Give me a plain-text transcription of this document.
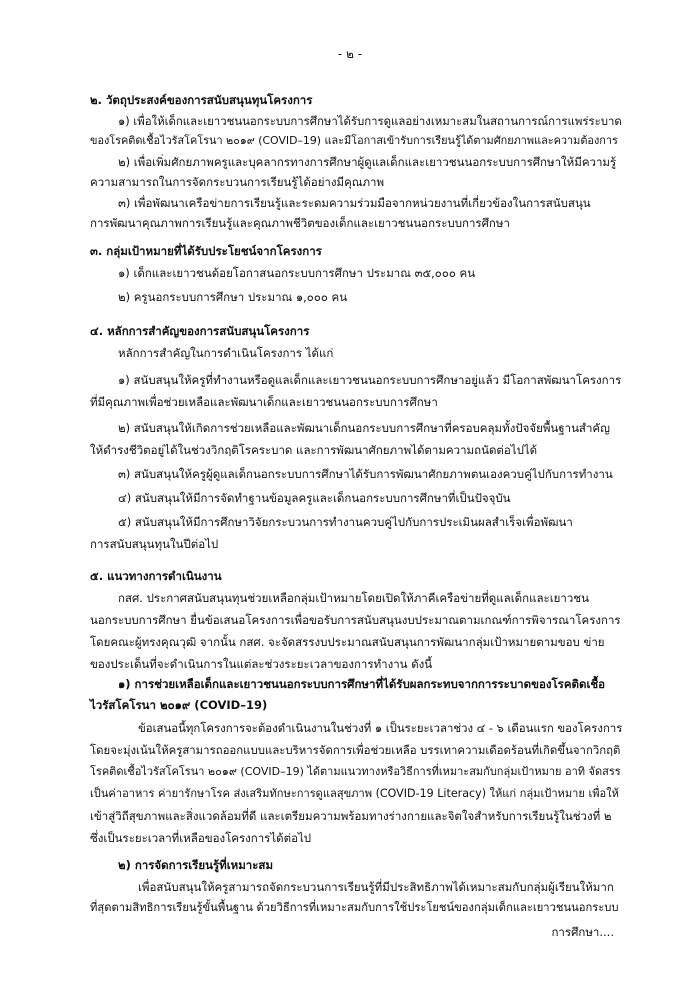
- ๒ -
๒. วัตถุประสงค์ของการสนับสนุนทุนโครงการ
๑) เพื่อให้เด็กและเยาวชนนอกระบบการศึกษาได้รับการดูแลอย่างเหมาะสมในสถานการณ์การแพร่ระบาด
ของโรคติดเชื้อไวรัสโคโรนา ๒๐๑๙ (COVID–19) และมีโอกาสเข้ารับการเรียนรู้ได้ตามศักยภาพและความต้องการ
๒) เพื่อเพิ่มศักยภาพครูและบุคลากรทางการศึกษาผู้ดูแลเด็กและเยาวชนนอกระบบการศึกษาให้มีความรู้
ความสามารถในการจัดกระบวนการเรียนรู้ได้อย่างมีคุณภาพ
๓) เพื่อพัฒนาเครือข่ายการเรียนรู้และระดมความร่วมมือจากหน่วยงานที่เกี่ยวข้องในการสนับสนุน
การพัฒนาคุณภาพการเรียนรู้และคุณภาพชีวิตของเด็กและเยาวชนนอกระบบการศึกษา
๓. กลุ่มเป้าหมายที่ได้รับประโยชน์จากโครงการ
๑) เด็กและเยาวชนด้อยโอกาสนอกระบบการศึกษา ประมาณ ๓๕,๐๐๐ คน
๒) ครูนอกระบบการศึกษา ประมาณ ๑,๐๐๐ คน
๔. หลักการสำคัญของการสนับสนุนโครงการ
หลักการสำคัญในการดำเนินโครงการ ได้แก่
๑) สนับสนุนให้ครูที่ทำงานหรือดูแลเด็กและเยาวชนนอกระบบการศึกษาอยู่แล้ว มีโอกาสพัฒนาโครงการ
ที่มีคุณภาพเพื่อช่วยเหลือและพัฒนาเด็กและเยาวชนนอกระบบการศึกษา
๒) สนับสนุนให้เกิดการช่วยเหลือและพัฒนาเด็กนอกระบบการศึกษาที่ครอบคลุมทั้งปัจจัยพื้นฐานสำคัญ
ให้ดำรงชีวิตอยู่ได้ในช่วงวิกฤติโรคระบาด และการพัฒนาศักยภาพได้ตามความถนัดต่อไปได้
๓) สนับสนุนให้ครูผู้ดูแลเด็กนอกระบบการศึกษาได้รับการพัฒนาศักยภาพตนเองควบคู่ไปกับการทำงาน
๔) สนับสนุนให้มีการจัดทำฐานข้อมูลครูและเด็กนอกระบบการศึกษาที่เป็นปัจจุบัน
๕) สนับสนุนให้มีการศึกษาวิจัยกระบวนการทำงานควบคู่ไปกับการประเมินผลสำเร็จเพื่อพัฒนา
การสนับสนุนทุนในปีต่อไป
๕. แนวทางการดำเนินงาน
กสศ. ประกาศสนับสนุนทุนช่วยเหลือกลุ่มเป้าหมายโดยเปิดให้ภาคีเครือข่ายที่ดูแลเด็กและเยาวชน
นอกระบบการศึกษา ยื่นข้อเสนอโครงการเพื่อขอรับการสนับสนุนงบประมาณตามเกณฑ์การพิจารณาโครงการ
โดยคณะผู้ทรงคุณวุฒิ จากนั้น กสศ. จะจัดสรรงบประมาณสนับสนุนการพัฒนากลุ่มเป้าหมายตามขอบ ข่าย
ของประเด็นที่จะดำเนินการในแต่ละช่วงระยะเวลาของการทำงาน ดังนี้
๑) การช่วยเหลือเด็กและเยาวชนนอกระบบการศึกษาที่ได้รับผลกระทบจากการระบาดของโรคติดเชื้อ
ไวรัสโคโรนา ๒๐๑๙ (COVID–19)
ข้อเสนอนี้ทุกโครงการจะต้องดำเนินงานในช่วงที่ ๑ เป็นระยะเวลาช่วง ๔ - ๖ เดือนแรก ของโครงการ
โดยจะมุ่งเน้นให้ครูสามารถออกแบบและบริหารจัดการเพื่อช่วยเหลือ บรรเทาความเดือดร้อนที่เกิดขึ้นจากวิกฤติ
โรคติดเชื้อไวรัสโคโรนา ๒๐๑๙ (COVID–19) ได้ตามแนวทางหรือวิธีการที่เหมาะสมกับกลุ่มเป้าหมาย อาทิ จัดสรร
เป็นค่าอาหาร ค่ายารักษาโรค ส่งเสริมทักษะการดูแลสุขภาพ (COVID-19 Literacy) ให้แก่ กลุ่มเป้าหมาย เพื่อให้
เข้าสู่วิถีสุขภาพและสิ่งแวดล้อมที่ดี และเตรียมความพร้อมทางร่างกายและจิตใจสำหรับการเรียนรู้ในช่วงที่ ๒
ซึ่งเป็นระยะเวลาที่เหลือของโครงการได้ต่อไป
๒) การจัดการเรียนรู้ที่เหมาะสม
เพื่อสนับสนุนให้ครูสามารถจัดกระบวนการเรียนรู้ที่มีประสิทธิภาพได้เหมาะสมกับกลุ่มผู้เรียนให้มาก
ที่สุดตามสิทธิการเรียนรู้ขั้นพื้นฐาน ด้วยวิธีการที่เหมาะสมกับการใช้ประโยชน์ของกลุ่มเด็กและเยาวชนนอกระบบ
การศึกษา....
